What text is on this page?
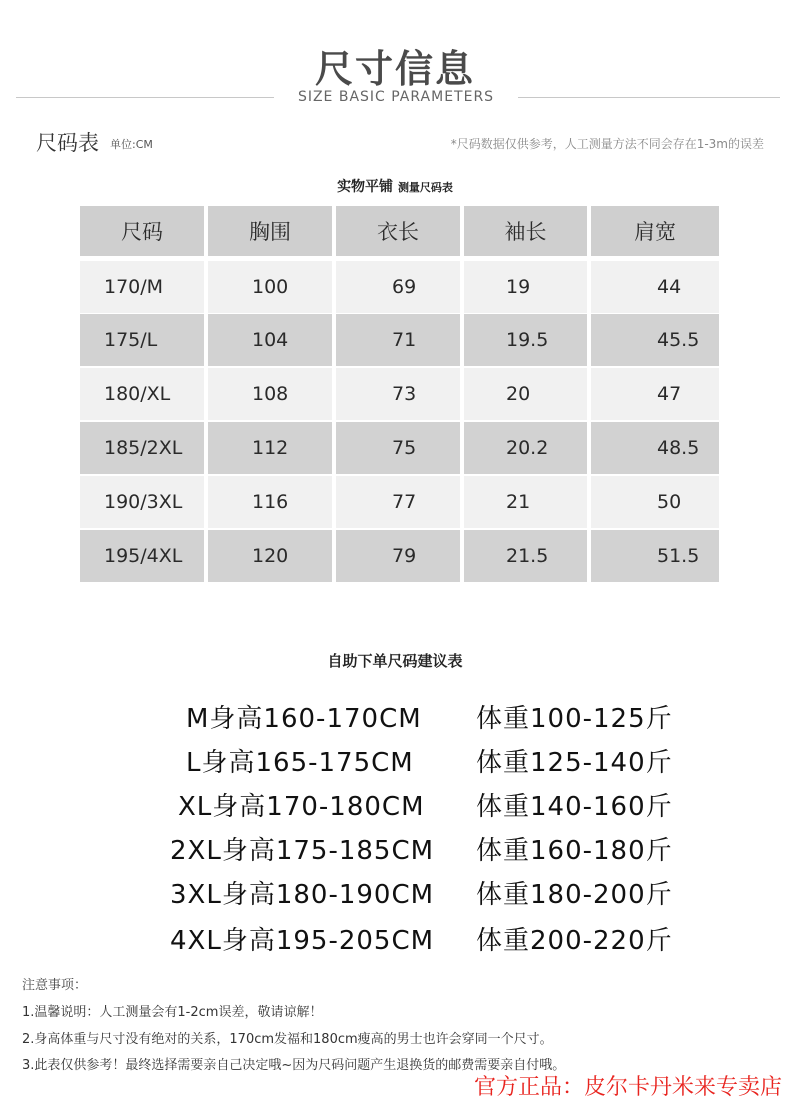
尺寸信息
SIZE BASIC PARAMETERS
尺码表 单位:CM	*尺码数据仅供参考，人工测量方法不同会存在1-3m的误差
实物平铺 测量尺码表
尺码	胸围	衣长	袖长	肩宽
170/M	100	69	19	44
175/L	104	71	19.5	45.5
180/XL	108	73	20	47
185/2XL	112	75	20.2	48.5
190/3XL	116	77	21	50
195/4XL	120	79	21.5	51.5
自助下单尺码建议表
M身高160-170CM 体重100-125斤
L身高165-175CM 体重125-140斤
XL身高170-180CM 体重140-160斤
2XL身高175-185CM 体重160-180斤
3XL身高180-190CM 体重180-200斤
4XL身高195-205CM 体重200-220斤
注意事项：
1.温馨说明：人工测量会有1-2cm误差，敬请谅解！
2.身高体重与尺寸没有绝对的关系，170cm发福和180cm瘦高的男士也许会穿同一个尺寸。
3.此表仅供参考！最终选择需要亲自己决定哦~因为尺码问题产生退换货的邮费需要亲自付哦。
官方正品：皮尔卡丹米来专卖店
